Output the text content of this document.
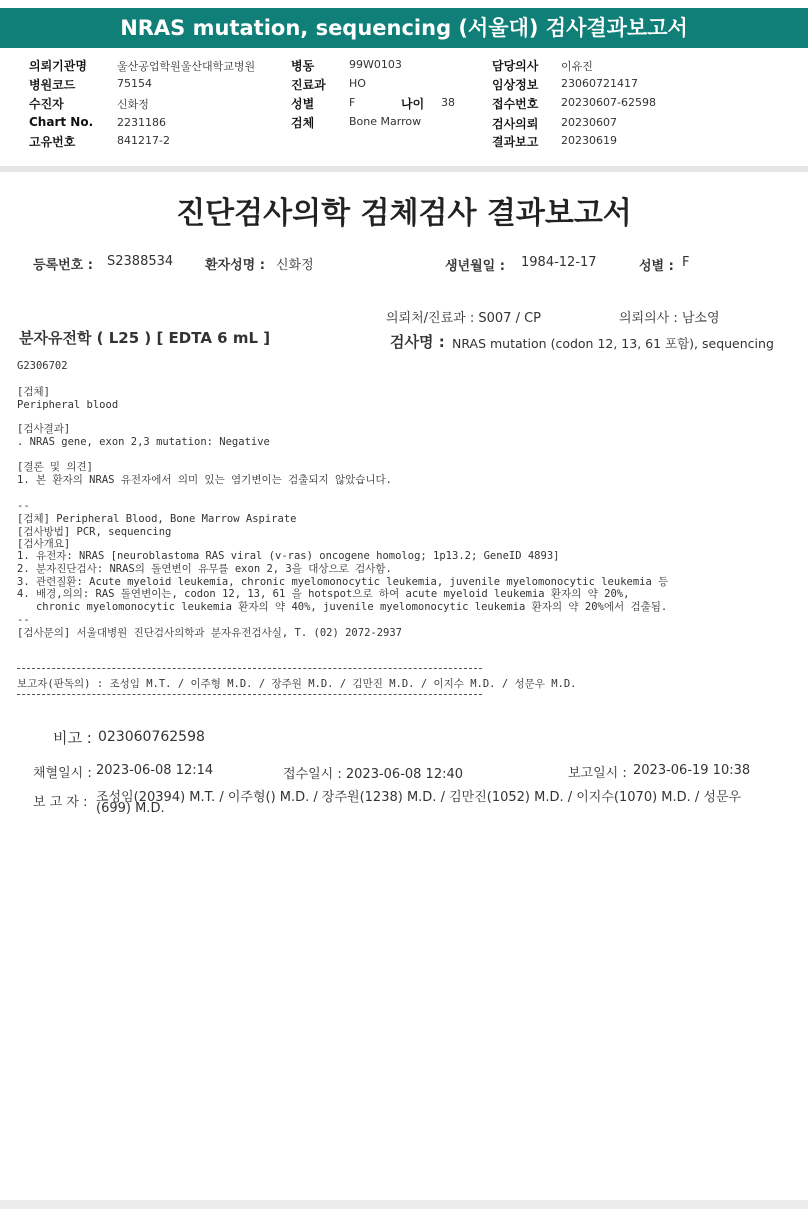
NRAS mutation, sequencing (서울대) 검사결과보고서
의뢰기관명	울산공업학원울산대학교병원
병원코드	75154
수진자	신화정
Chart No. 2231186
고유번호	841217-2
병동	99W0103
진료과 HO
성별	F	나이 38
검체	Bone Marrow
담당의사 이유진
임상정보 23060721417
접수번호 20230607-62598
검사의뢰 20230607
결과보고 20230619
진단검사의학 검체검사 결과보고서
등록번호 : S2388534 환자성명 : 신화정	생년월일 : 1984-12-17	성별 : F
의뢰처/진료과 : S007 / CP	의뢰의사 : 남소영
분자유전학 ( L25 ) [ EDTA 6 mL ]	검사명 : NRAS mutation (codon 12, 13, 61 포함), sequencing
G2306702
[검체]
Peripheral blood
[검사결과]
. NRAS gene, exon 2,3 mutation: Negative
[결론 및 의견]
1. 본 환자의 NRAS 유전자에서 의미 있는 염기변이는 검출되지 않았습니다.
--
[검체] Peripheral Blood, Bone Marrow Aspirate
[검사방법] PCR, sequencing
[검사개요]
1. 유전자: NRAS [neuroblastoma RAS viral (v-ras) oncogene homolog; 1p13.2; GeneID 4893]
2. 분자진단검사: NRAS의 돌연변이 유무를 exon 2, 3을 대상으로 검사함.
3. 관련질환: Acute myeloid leukemia, chronic myelomonocytic leukemia, juvenile myelomonocytic leukemia 등
4. 배경,의의: RAS 돌연변이는, codon 12, 13, 61 을 hotspot으로 하여 acute myeloid leukemia 환자의 약 20%,
chronic myelomonocytic leukemia 환자의 약 40%, juvenile myelomonocytic leukemia 환자의 약 20%에서 검출됨.
--
[검사문의] 서울대병원 진단검사의학과 분자유전검사실, T. (02) 2072-2937
보고자(판독의) : 조성임 M.T. / 이주형 M.D. / 장주원 M.D. / 김만진 M.D. / 이지수 M.D. / 성문우 M.D.
비고 : 023060762598
채혈일시 : 2023-06-08 12:14	접수일시 : 2023-06-08 12:40	보고일시 : 2023-06-19 10:38
보 고 자 : 조성임(20394) M.T. / 이주형() M.D. / 장주원(1238) M.D. / 김만진(1052) M.D. / 이지수(1070) M.D. / 성문우
(699) M.D.
